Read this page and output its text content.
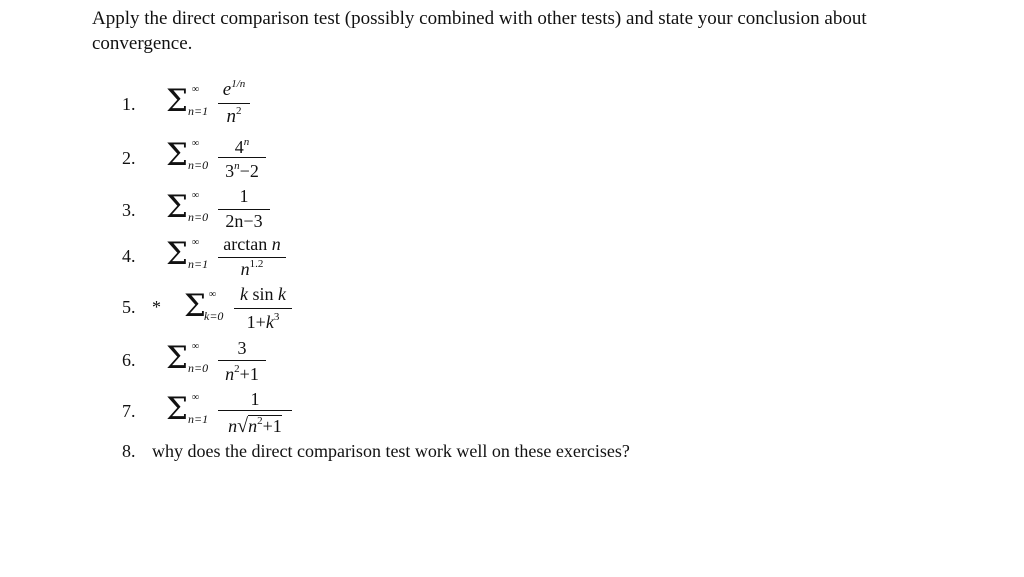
Apply the direct comparison test (possibly combined with other tests) and state your conclusion about convergence.
1. Σ ∞
n=1
$e^{1/n}$
$n^2$
2. Σ ∞
n=0
4$^n$
$3^n-2$
3. Σ ∞
n=0
1
2n−3
4. Σ ∞
n=1
arctan n
$n^{1.2}$
5. * Σ ∞
k=0
k sin k
$1+k^3$
6. Σ ∞
n=0
3
$n^2+1$
7. Σ ∞
n=1
1
$n√n^2+1$
8. why does the direct comparison test work well on these exercises?
